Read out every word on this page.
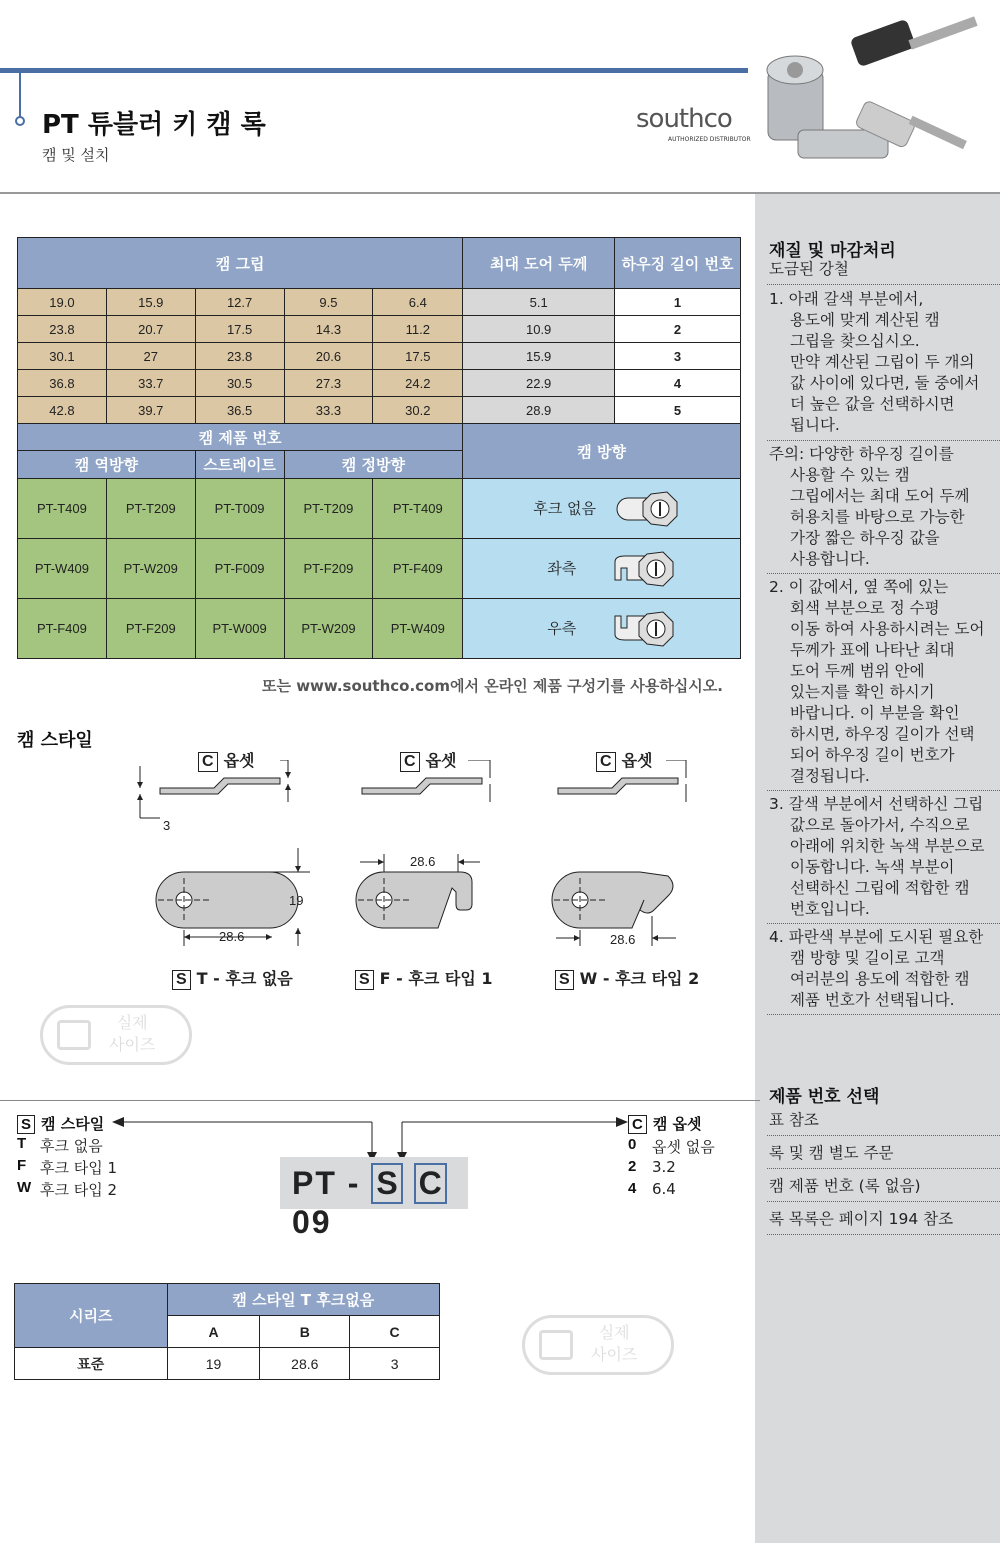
PT 튜블러 키 캠 록
캠 및 설치
southco
AUTHORIZED DISTRIBUTOR
재질 및 마감처리
도금된 강철
1. 아래 갈색 부분에서,
용도에 맞게 계산된 캠
그립을 찾으십시오.
만약 계산된 그립이 두 개의
값 사이에 있다면, 둘 중에서
더 높은 값을 선택하시면
됩니다.
주의: 다양한 하우징 길이를
사용할 수 있는 캠
그립에서는 최대 도어 두께
허용치를 바탕으로 가능한
가장 짧은 하우징 값을
사용합니다.
2. 이 값에서, 옆 쪽에 있는
회색 부분으로 정 수평
이동 하여 사용하시려는 도어
두께가 표에 나타난 최대
도어 두께 범위 안에
있는지를 확인 하시기
바랍니다. 이 부분을 확인
하시면, 하우징 길이가 선택
되어 하우징 길이 번호가
결정됩니다.
3. 갈색 부분에서 선택하신 그립
값으로 돌아가서, 수직으로
아래에 위치한 녹색 부분으로
이동합니다. 녹색 부분이
선택하신 그립에 적합한 캠
번호입니다.
4. 파란색 부분에 도시된 필요한
캠 방향 및 길이로 고객
여러분의 용도에 적합한 캠
제품 번호가 선택됩니다.
제품 번호 선택
표 참조
록 및 캠 별도 주문
캠 제품 번호 (록 없음)
록 목록은 페이지 194 참조
캠 그립					최대 도어 두께	하우징 길이 번호
19.0	15.9	12.7	9.5	6.4	5.1	1
23.8	20.7	17.5	14.3	11.2	10.9	2
30.1	27	23.8	20.6	17.5	15.9	3
36.8	33.7	30.5	27.3	24.2	22.9	4
42.8	39.7	36.5	33.3	30.2	28.9	5
캠 제품 번호					캠 방향	
캠 역방향		스트레이트	캠 정방향			
PT-T409	PT-T209	PT-T009	PT-T209	PT-T409	후크 없음	
PT-W409	PT-W209	PT-F009	PT-F209	PT-F409	좌측	
PT-F409	PT-F209	PT-W009	PT-W209	PT-W409	우측	
또는 www.southco.com에서 온라인 제품 구성기를 사용하십시오.
캠 스타일
C 옵셋	C 옵셋	C 옵셋
3
19
28.6
28.6
28.6
S T - 후크 없음	S F - 후크 타입 1	S W - 후크 타입 2
실제
사이즈
S 캠 스타일
T 후크 없음
F 후크 타입 1
W 후크 타입 2
C 캠 옵셋
0 옵셋 없음
2 3.2
4 6.4
PT - S C 09
시리즈	캠 스타일 T 후크없음		
	A	B	C
표준	19	28.6	3
실제
사이즈
